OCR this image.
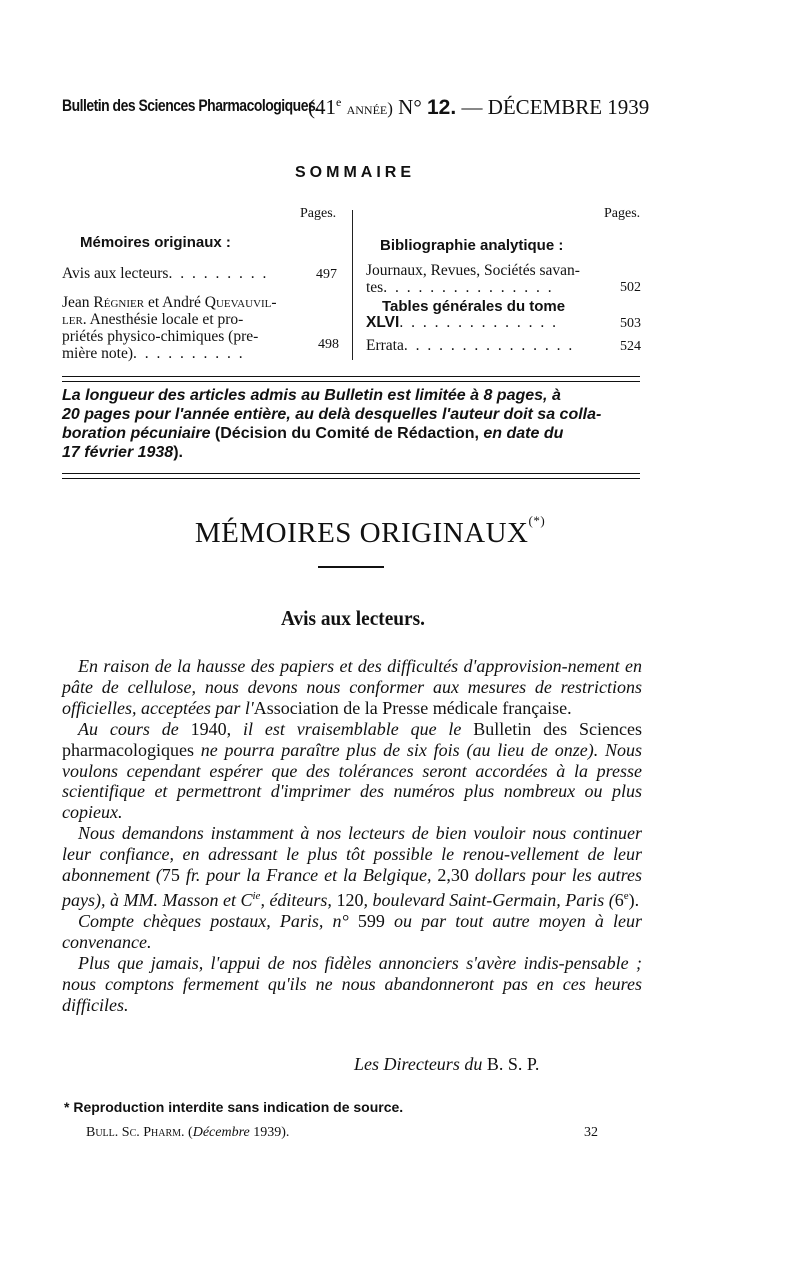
Bulletin des Sciences Pharmacologiques.
(41e année) N° 12. — DÉCEMBRE 1939
SOMMAIRE
Pages.
Mémoires originaux :
Avis aux lecteurs. . . . . . . . .	497
Jean Régnier et André Quevauvil-
ler. Anesthésie locale et pro-
priétés physico-chimiques (pre-
mière note). . . . . . . . . .
498
Pages.
Bibliographie analytique :
Journaux, Revues, Sociétés savan-
tes. . . . . . . . . . . . . . .	502
Tables générales du tome
XLVI. . . . . . . . . . . . . .	503
Errata. . . . . . . . . . . . . . .	524
La longueur des articles admis au Bulletin est limitée à 8 pages, à
20 pages pour l'année entière, au delà desquelles l'auteur doit sa colla-
boration pécuniaire (Décision du Comité de Rédaction, en date du
17 février 1938).
MÉMOIRES ORIGINAUX(*)
Avis aux lecteurs.

En raison de la hausse des papiers et des difficultés d'approvision-nement en pâte de cellulose, nous devons nous conformer aux mesures de restrictions officielles, acceptées par l'Association de la Presse médicale française.

Au cours de 1940, il est vraisemblable que le Bulletin des Sciences pharmacologiques ne pourra paraître plus de six fois (au lieu de onze). Nous voulons cependant espérer que des tolérances seront accordées à la presse scientifique et permettront d'imprimer des numéros plus nombreux ou plus copieux.

Nous demandons instamment à nos lecteurs de bien vouloir nous continuer leur confiance, en adressant le plus tôt possible le renou-vellement de leur abonnement (75 fr. pour la France et la Belgique, 2,30 dollars pour les autres pays), à MM. Masson et $C^{ie}$, éditeurs, 120, boulevard Saint-Germain, Paris (6e).

Compte chèques postaux, Paris, n° 599 ou par tout autre moyen à leur convenance.

Plus que jamais, l'appui de nos fidèles annonciers s'avère indis-pensable ; nous comptons fermement qu'ils ne nous abandonneront pas en ces heures difficiles.

Les Directeurs du B. S. P.
* Reproduction interdite sans indication de source.
Bull. Sc. Pharm. (Décembre 1939).	32
